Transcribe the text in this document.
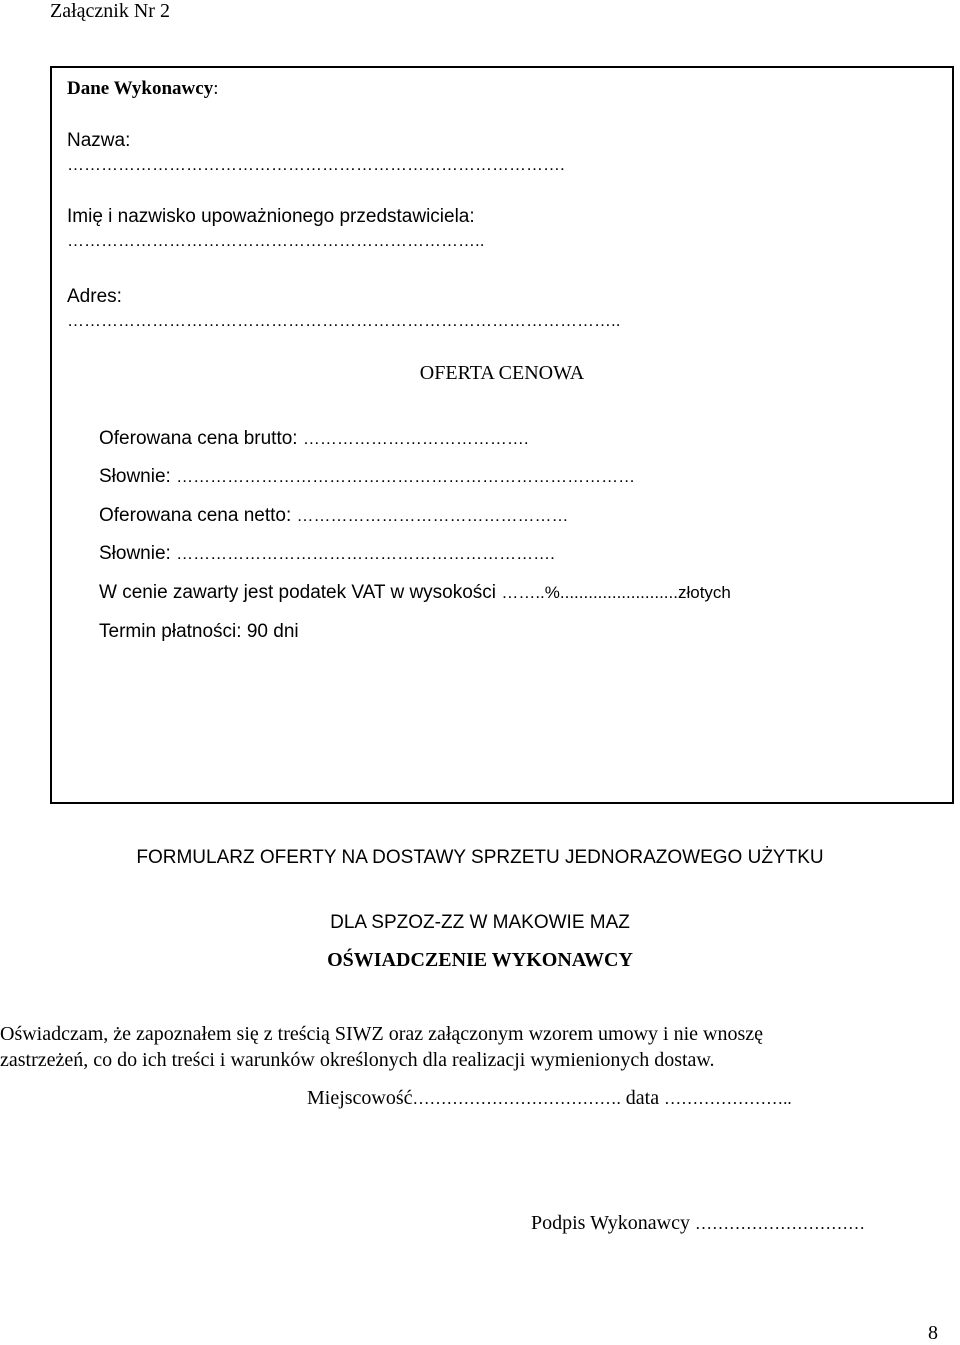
Załącznik Nr 2
Dane Wykonawcy:
Nazwa:
…………………………………………………………………………….
Imię i nazwisko upoważnionego przedstawiciela:
………………………………………………………………..
Adres:
……………………………………………………………………………………..
OFERTA CENOWA
Oferowana cena brutto: ………………………………….
Słownie: ………………………………………………………………………
Oferowana cena netto: …………………………………………
Słownie: ………………………………………………………….
W cenie zawarty jest podatek VAT w wysokości ……..%.........................złotych
Termin płatności: 90 dni
FORMULARZ OFERTY NA DOSTAWY SPRZETU JEDNORAZOWEGO UŻYTKU
DLA SPZOZ-ZZ W MAKOWIE MAZ
OŚWIADCZENIE WYKONAWCY
Oświadczam, że zapoznałem się z treścią SIWZ oraz załączonym wzorem umowy i nie wnoszę
zastrzeżeń, co do ich treści i warunków określonych dla realizacji wymienionych dostaw.
Miejscowość………………………………. data …………………..
Podpis Wykonawcy …………………………
8
